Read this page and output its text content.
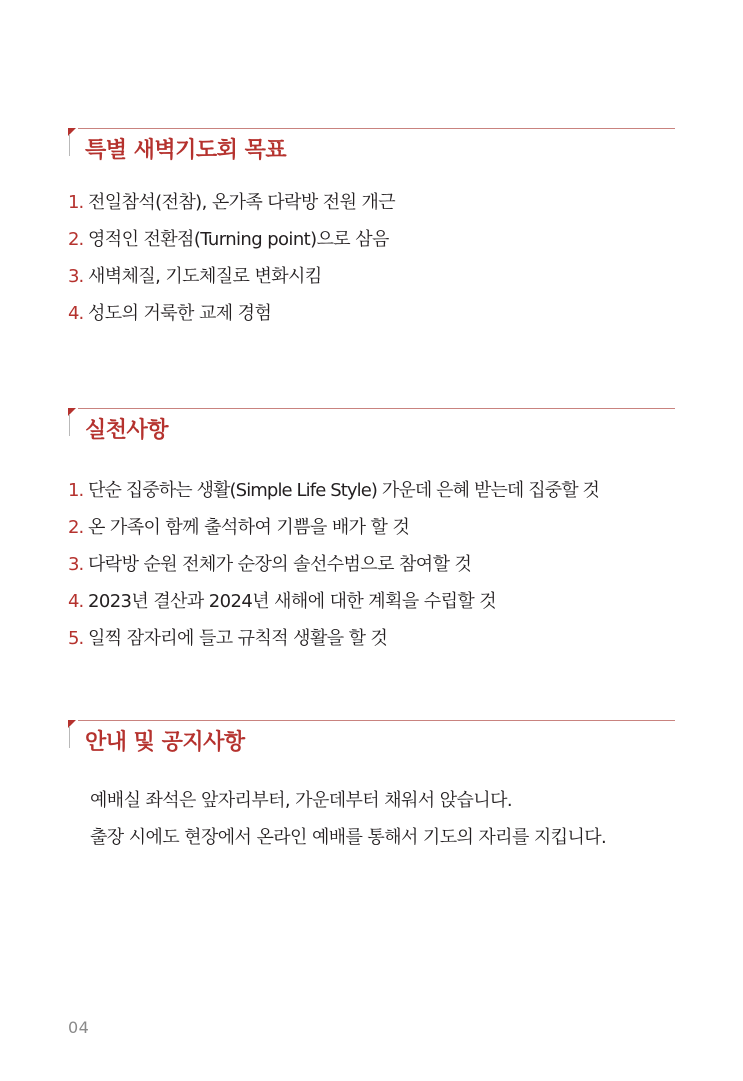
특별 새벽기도회 목표
1. 전일참석(전참), 온가족 다락방 전원 개근
2. 영적인 전환점(Turning point)으로 삼음
3. 새벽체질, 기도체질로 변화시킴
4. 성도의 거룩한 교제 경험
실천사항
1. 단순 집중하는 생활(Simple Life Style) 가운데 은혜 받는데 집중할 것
2. 온 가족이 함께 출석하여 기쁨을 배가 할 것
3. 다락방 순원 전체가 순장의 솔선수범으로 참여할 것
4. 2023년 결산과 2024년 새해에 대한 계획을 수립할 것
5. 일찍 잠자리에 들고 규칙적 생활을 할 것
안내 및 공지사항

예배실 좌석은 앞자리부터, 가운데부터 채워서 앉습니다.

출장 시에도 현장에서 온라인 예배를 통해서 기도의 자리를 지킵니다.

04
